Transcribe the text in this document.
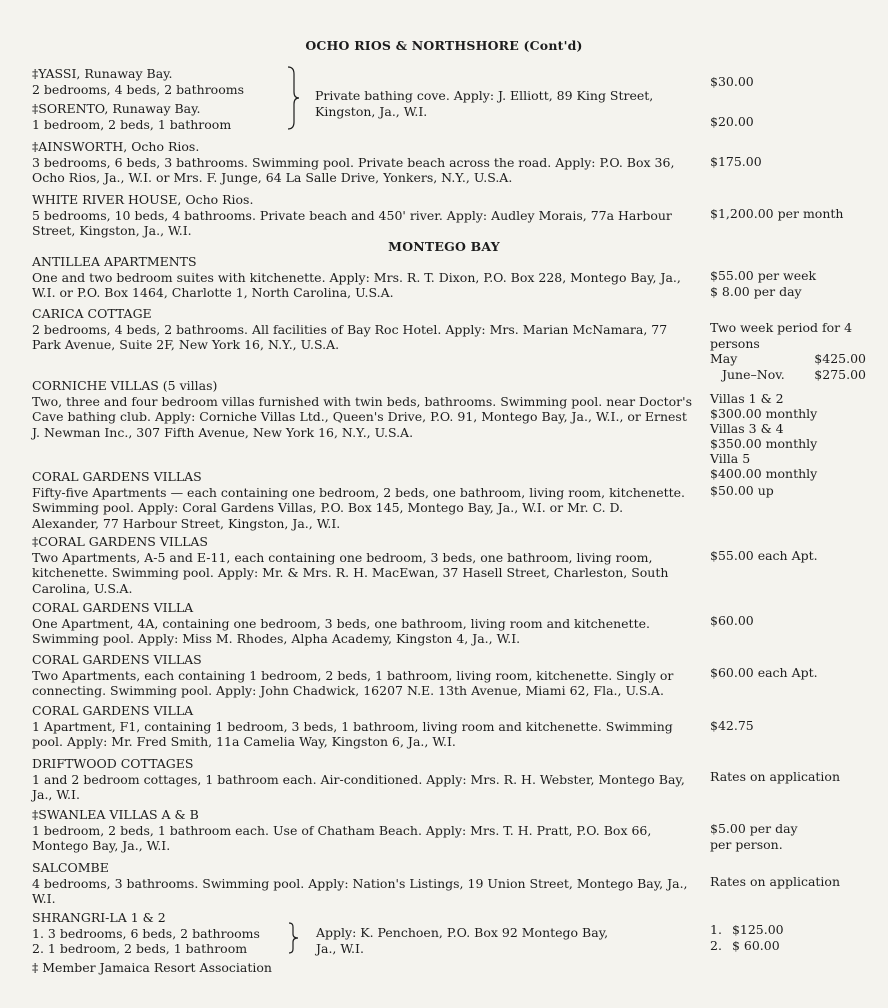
OCHO RIOS & NORTHSHORE (Cont'd)
‡YASSI, Runaway Bay.
2 bedrooms, 4 beds, 2 bathrooms	$30.00
‡SORENTO, Runaway Bay.
1 bedroom, 2 beds, 1 bathroom	$20.00
Private bathing cove. Apply: J. Elliott, 89 King Street,
Kingston, Ja., W.I.
‡AINSWORTH, Ocho Rios.
3 bedrooms, 6 beds, 3 bathrooms. Swimming pool. Private beach across the road. Apply: P.O. Box 36, Ocho Rios, Ja., W.I. or Mrs. F. Junge, 64 La Salle Drive, Yonkers, N.Y., U.S.A.
$175.00
WHITE RIVER HOUSE, Ocho Rios.
5 bedrooms, 10 beds, 4 bathrooms. Private beach and 450' river. Apply: Audley Morais, 77a Harbour Street, Kingston, Ja., W.I.
$1,200.00 per month
MONTEGO BAY
ANTILLEA APARTMENTS
One and two bedroom suites with kitchenette. Apply: Mrs. R. T. Dixon, P.O. Box 228, Montego Bay, Ja., W.I. or P.O. Box 1464, Charlotte 1, North Carolina, U.S.A.
$55.00 per week
$ 8.00 per day
CARICA COTTAGE
2 bedrooms, 4 beds, 2 bathrooms. All facilities of Bay Roc Hotel. Apply: Mrs. Marian McNamara, 77 Park Avenue, Suite 2F, New York 16, N.Y., U.S.A.
Two week period for 4
persons
May	$425.00
June–Nov. $275.00
CORNICHE VILLAS (5 villas)
Two, three and four bedroom villas furnished with twin beds, bathrooms. Swimming pool. near Doctor's Cave bathing club. Apply: Corniche Villas Ltd., Queen's Drive, P.O. 91, Montego Bay, Ja., W.I., or Ernest J. Newman Inc., 307 Fifth Avenue, New York 16, N.Y., U.S.A.
Villas 1 & 2
$300.00 monthly
Villas 3 & 4
$350.00 monthly
Villa 5
$400.00 monthly
CORAL GARDENS VILLAS
Fifty-five Apartments — each containing one bedroom, 2 beds, one bathroom, living room, kitchenette. Swimming pool. Apply: Coral Gardens Villas, P.O. Box 145, Montego Bay, Ja., W.I. or Mr. C. D. Alexander, 77 Harbour Street, Kingston, Ja., W.I.
$50.00 up
‡CORAL GARDENS VILLAS
Two Apartments, A-5 and E-11, each containing one bedroom, 3 beds, one bathroom, living room, kitchenette. Swimming pool. Apply: Mr. & Mrs. R. H. MacEwan, 37 Hasell Street, Charleston, South Carolina, U.S.A.
$55.00 each Apt.
CORAL GARDENS VILLA
One Apartment, 4A, containing one bedroom, 3 beds, one bathroom, living room and kitchenette. Swimming pool. Apply: Miss M. Rhodes, Alpha Academy, Kingston 4, Ja., W.I.
$60.00
CORAL GARDENS VILLAS
Two Apartments, each containing 1 bedroom, 2 beds, 1 bathroom, living room, kitchenette. Singly or connecting. Swimming pool. Apply: John Chadwick, 16207 N.E. 13th Avenue, Miami 62, Fla., U.S.A.
$60.00 each Apt.
CORAL GARDENS VILLA
1 Apartment, F1, containing 1 bedroom, 3 beds, 1 bathroom, living room and kitchenette. Swimming pool. Apply: Mr. Fred Smith, 11a Camelia Way, Kingston 6, Ja., W.I.
$42.75
DRIFTWOOD COTTAGES
1 and 2 bedroom cottages, 1 bathroom each. Air-conditioned. Apply: Mrs. R. H. Webster, Montego Bay, Ja., W.I.
Rates on application
‡SWANLEA VILLAS A & B
1 bedroom, 2 beds, 1 bathroom each. Use of Chatham Beach. Apply: Mrs. T. H. Pratt, P.O. Box 66, Montego Bay, Ja., W.I.
$5.00 per day
per person.
SALCOMBE
4 bedrooms, 3 bathrooms. Swimming pool. Apply: Nation's Listings, 19 Union Street, Montego Bay, Ja., W.I.
Rates on application
SHRANGRI-LA 1 & 2
1. 3 bedrooms, 6 beds, 2 bathrooms
2. 1 bedroom, 2 beds, 1 bathroom
Apply: K. Penchoen, P.O. Box 92 Montego Bay,
Ja., W.I.
1. $125.00
2. $ 60.00
‡ Member Jamaica Resort Association
